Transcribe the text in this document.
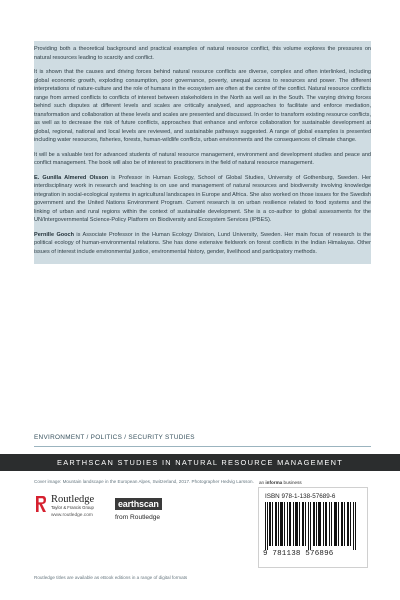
Providing both a theoretical background and practical examples of natural resource conflict, this volume explores the pressures on natural resources leading to scarcity and conflict.

It is shown that the causes and driving forces behind natural resource conflicts are diverse, complex and often interlinked, including global economic growth, exploding consumption, poor governance, poverty, unequal access to resources and power. The different interpretations of nature-culture and the role of humans in the ecosystem are often at the centre of the conflict. Natural resource conflicts range from armed conflicts to conflicts of interest between stakeholders in the North as well as in the South. The varying driving forces behind such disputes at different levels and scales are critically analysed, and approaches to facilitate and enforce mediation, transformation and collaboration at these levels and scales are presented and discussed. In order to transform existing resource conflicts, as well as to decrease the risk of future conflicts, approaches that enhance and enforce collaboration for sustainable development at global, regional, national and local levels are reviewed, and sustainable pathways suggested. A range of global examples is presented including water resources, fisheries, forests, human-wildlife conflicts, urban environments and the consequences of climate change.

It will be a valuable text for advanced students of natural resource management, environment and development studies and peace and conflict management. The book will also be of interest to practitioners in the field of natural resource management.

E. Gunilla Almered Olsson is Professor in Human Ecology, School of Global Studies, University of Gothenburg, Sweden. Her interdisciplinary work in research and teaching is on use and management of natural resources and biodiversity involving knowledge integration in social-ecological systems in agricultural landscapes in Europe and Africa. She also worked on those issues for the Swedish government and the United Nations Environment Program. Current research is on urban resilience related to food systems and the linking of urban and rural regions within the context of sustainable development. She is a co-author to global assessments for the UN/Intergovernmental Science-Policy Platform on Biodiversity and Ecosystem Services (IPBES).

Pernille Gooch is Associate Professor in the Human Ecology Division, Lund University, Sweden. Her main focus of research is the political ecology of human-environmental relations. She has done extensive fieldwork on forest conflicts in the Indian Himalayas. Other issues of interest include environmental justice, environmental history, gender, livelihood and participatory methods.

ENVIRONMENT / POLITICS / SECURITY STUDIES
EARTHSCAN STUDIES IN NATURAL RESOURCE MANAGEMENT
Cover image: Mountain landscape in the European Alpes, Switzerland, 2017. Photographer Hedvig Larsson.
Routledge
Taylor & Francis Group
www.routledge.com
earthscan
from Routledge
an informa business
ISBN 978-1-138-57689-6
9 781138 576896
Routledge titles are available as eBook editions in a range of digital formats
